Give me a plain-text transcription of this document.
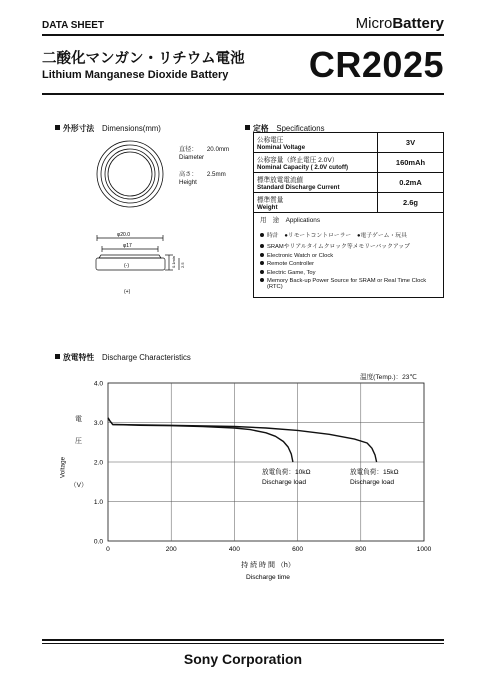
DATA SHEET	MicroBattery
二酸化マンガン・リチウム電池
Lithium Manganese Dioxide Battery CR2025
外形寸法　 Dimensions(mm)
φ20.0
φ17
0.1min 2.5
(-)
(+)
直径：　　 20.0mm
Diameter
高さ：　　 2.5mm
Height
定格　 Specifications
公称電圧
Nominal Voltage	3V

公称容量（終止電圧 2.0V）
Nominal Capacity ( 2.0V cutoff)	160mAh

標準放電電流値
Standard Discharge Current	0.2mA

標準質量
Weight	2.6g
用　途　 Applications
時計　●リモートコントローラー　●電子ゲーム・玩具
SRAMやリアルタイムクロック等メモリーバックアップ
Electronic Watch or Clock
Remote Controller
Electric Game, Toy
Memory Back-up Power Source for SRAM or Real Time Clock (RTC)
放電特性　 Discharge Characteristics
温度(Temp.)：23℃
電
圧
Voltage
（V）
0.0
1.0
2.0
3.0
4.0
0	200	400	600	800	1000
放電負荷：10kΩ
Discharge load
放電負荷：15kΩ
Discharge load
持 続 時 間 （h）
Discharge time
Sony Corporation
